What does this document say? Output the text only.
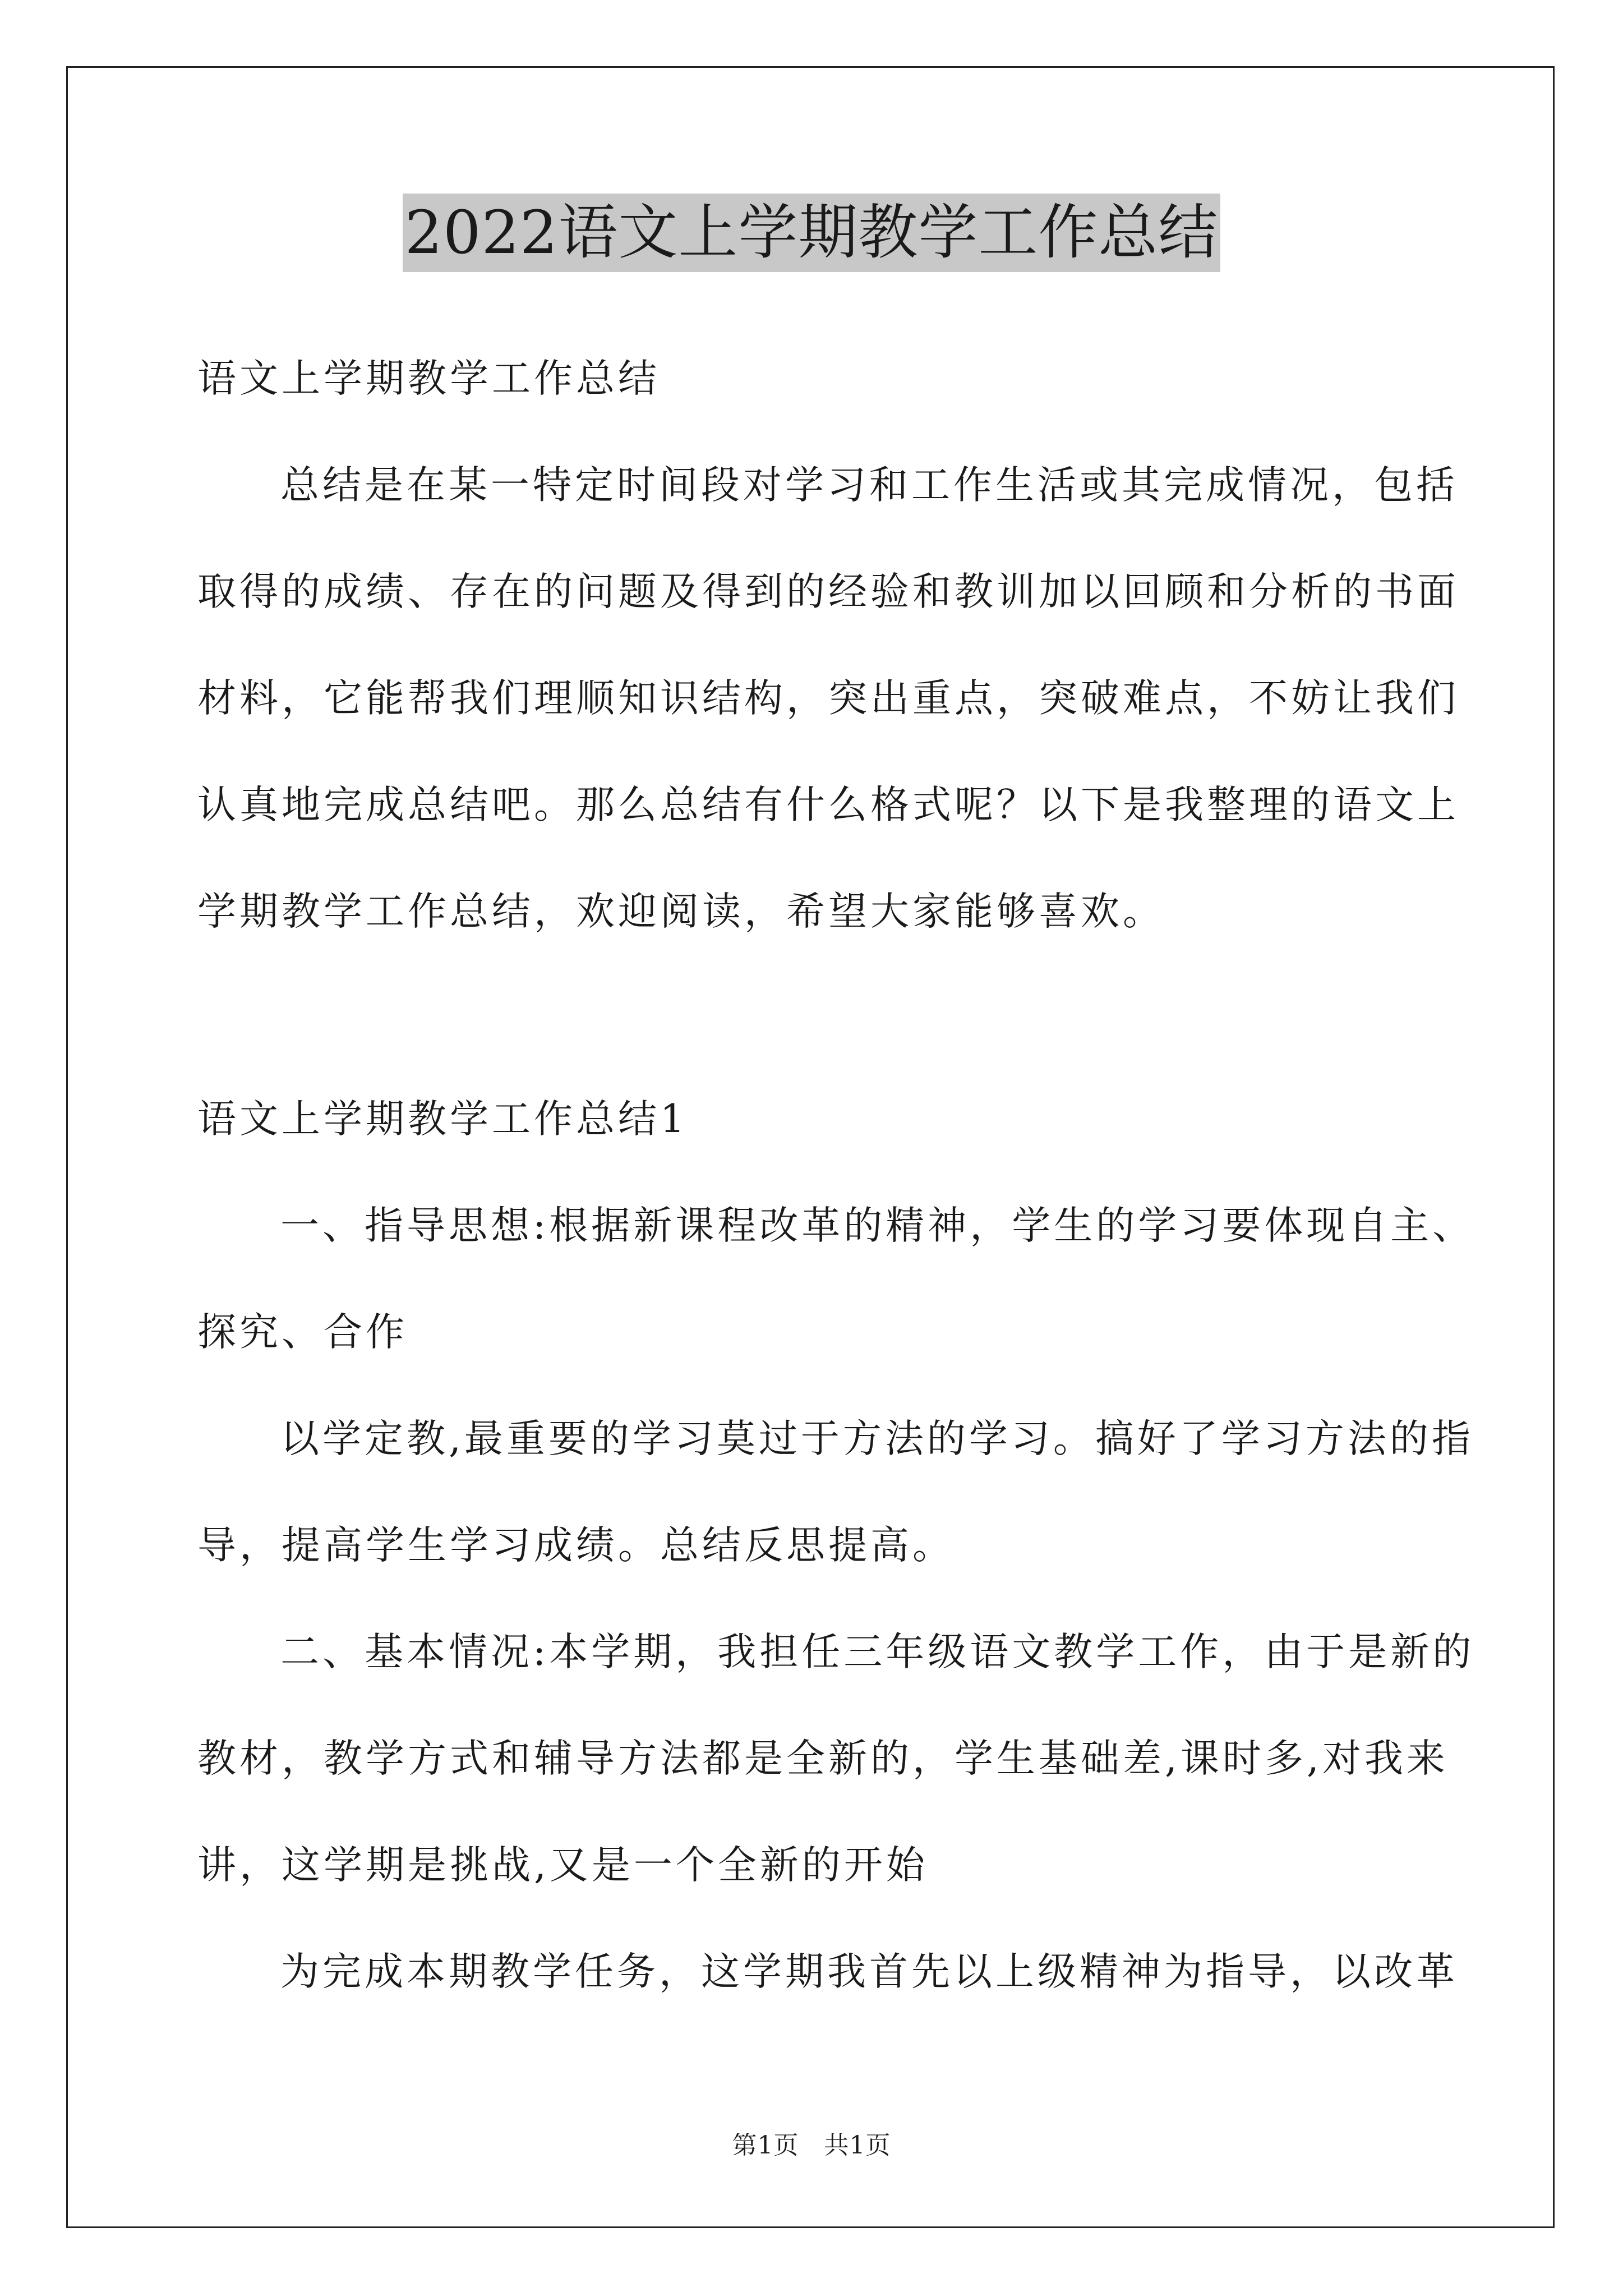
2022语文上学期教学工作总结
语文上学期教学工作总结
总结是在某一特定时间段对学习和工作生活或其完成情况，包括
取得的成绩、存在的问题及得到的经验和教训加以回顾和分析的书面
材料，它能帮我们理顺知识结构，突出重点，突破难点，不妨让我们
认真地完成总结吧。那么总结有什么格式呢？以下是我整理的语文上
学期教学工作总结，欢迎阅读，希望大家能够喜欢。
语文上学期教学工作总结1
一、指导思想:根据新课程改革的精神，学生的学习要体现自主、
探究、合作
以学定教,最重要的学习莫过于方法的学习。搞好了学习方法的指
导，提高学生学习成绩。总结反思提高。
二、基本情况:本学期，我担任三年级语文教学工作，由于是新的
教材，教学方式和辅导方法都是全新的，学生基础差,课时多,对我来
讲，这学期是挑战,又是一个全新的开始
为完成本期教学任务，这学期我首先以上级精神为指导，以改革
第1页　共1页
